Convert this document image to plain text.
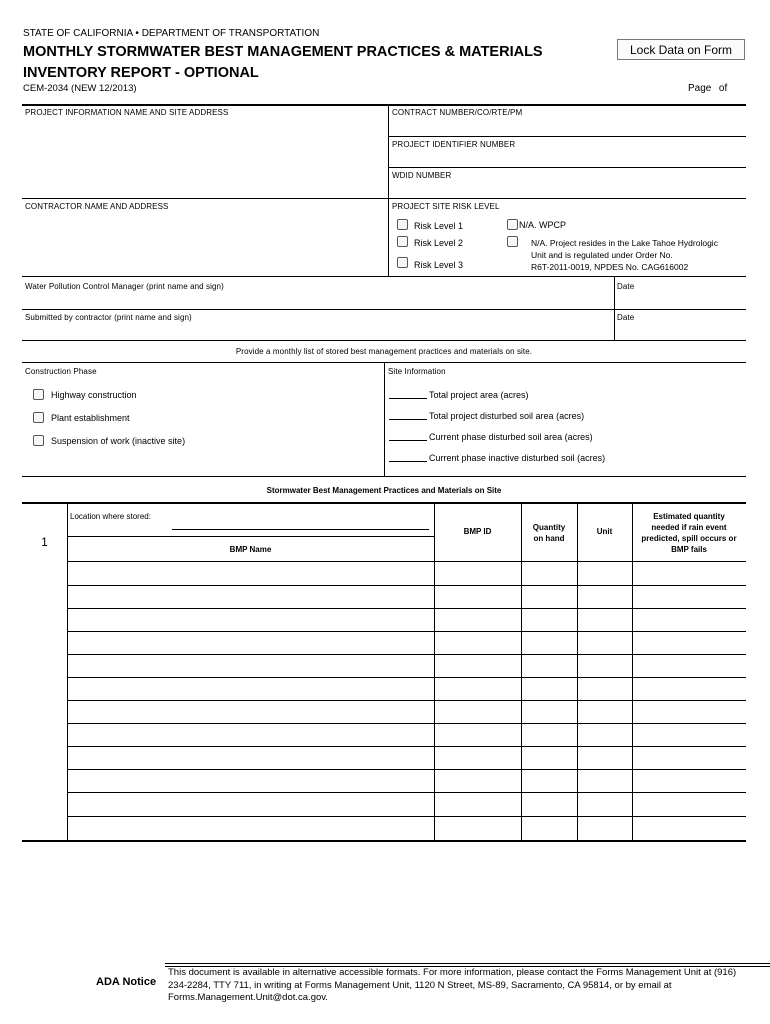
STATE OF CALIFORNIA • DEPARTMENT OF TRANSPORTATION
MONTHLY STORMWATER BEST MANAGEMENT PRACTICES & MATERIALS
INVENTORY REPORT - OPTIONAL
CEM-2034 (NEW 12/2013)
Lock Data on Form
Page of
PROJECT INFORMATION NAME AND SITE ADDRESS	CONTRACT NUMBER/CO/RTE/PM
PROJECT IDENTIFIER NUMBER
WDID NUMBER
CONTRACTOR NAME AND ADDRESS	PROJECT SITE RISK LEVEL
Risk Level 1
Risk Level 2
Risk Level 3
N/A. WPCP
N/A. Project resides in the Lake Tahoe Hydrologic
Unit and is regulated under Order No.
R6T-2011-0019, NPDES No. CAG616002
Water Pollution Control Manager (print name and sign)	Date
Submitted by contractor (print name and sign)	Date
Provide a monthly list of stored best management practices and materials on site.
Construction Phase	Site Information
Highway construction
Plant establishment
Suspension of work (inactive site)
Total project area (acres)
Total project disturbed soil area (acres)
Current phase disturbed soil area (acres)
Current phase inactive disturbed soil (acres)
Stormwater Best Management Practices and Materials on Site
1
Location where stored:
BMP Name
BMP ID	Quantity
on hand
Unit
Estimated quantity
needed if rain event
predicted, spill occurs or
BMP fails
ADA Notice
This document is available in alternative accessible formats. For more information, please contact the Forms Management Unit at (916)
234-2284, TTY 711, in writing at Forms Management Unit, 1120 N Street, MS-89, Sacramento, CA 95814, or by email at
Forms.Management.Unit@dot.ca.gov.
